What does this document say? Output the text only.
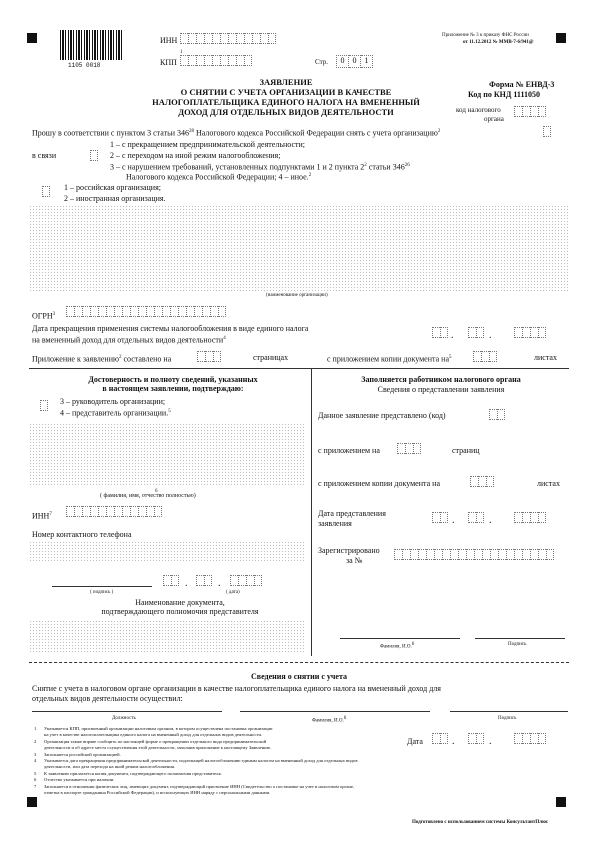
1105 0018
ИНН
1
КПП	Стр.	0	0	1
Приложение № 3 к приказу ФНС России
от 11.12.2012 № ММВ-7-6/941@
Форма № ЕНВД-3
Код по КНД 1111050
код налогового
органа
ЗАЯВЛЕНИЕ
О СНЯТИИ С УЧЕТА ОРГАНИЗАЦИИ В КАЧЕСТВЕ
НАЛОГОПЛАТЕЛЬЩИКА ЕДИНОГО НАЛОГА НА ВМЕНЕННЫЙ
ДОХОД ДЛЯ ОТДЕЛЬНЫХ ВИДОВ ДЕЯТЕЛЬНОСТИ
Прошу в соответствии с пунктом 3 статьи $346^{28}$ Налогового кодекса Российской Федерации снять с учета организацию$^2$
в связи
1 – с прекращением предпринимательской деятельности;
2 – с переходом на иной режим налогообложения;
3 – с нарушением требований, установленных подпунктами 1 и 2 пункта $2^2$ статьи $346^{26}$
Налогового кодекса Российской Федерации; 4 – иное.$^2$
1 – российская организация;
2 – иностранная организация.
(наименование организации)
ОГРН$^3$
Дата прекращения применения системы налогообложения в виде единого налога
на вмененный доход для отдельных видов деятельности$^4$	.	.
Приложение к заявлению$^2$ составлено на	страницах	с приложением копии документа $на^5$	листах
Достоверность и полноту сведений, указанных
в настоящем заявлении, подтверждаю:
3 – руководитель организации;
4 – представитель организации.$^5$
6
( фамилия, имя, отчество полностью)
ИНН$^7$
Номер контактного телефона
( подпись )
.	.
( дата)
Наименование документа,
подтверждающего полномочия представителя
Заполняется работником налогового органа
Сведения о представлении заявления
Данное заявление представлено (код)
с приложением на	страниц
с приложением копии документа на	листах
Дата представления
заявления	.	.
Зарегистрировано
за №
Фамилия, И.О.6	Подпись
Сведения о снятии с учета
Снятие с учета в налоговом органе организации в качестве налогоплательщика единого налога на вмененный доход для
отдельных видов деятельности осуществил:
Должность
Фамилия, И.О.6	Подпись
Дата	.	.
1	Указывается КПП, присвоенный организации налоговым органом, в котором осуществлена постановка организации
на учет в качестве налогоплательщика единого налога на вмененный доход для отдельных видов деятельности.
2	Организация также вправе сообщить по настоящей форме о прекращении отдельного вида предпринимательской
деятельности и об адресе места осуществления этой деятельности, заполнив приложение к настоящему Заявлению.
3	Заполняется российской организацией.
4	Указывается дата прекращения предпринимательской деятельности, подлежащей налогообложению единым налогом на вмененный доход для отдельных видов
деятельности, или дата перехода на иной режим налогообложения.
5	К заявлению прилагается копия документа, подтверждающего полномочия представителя.
6	Отчество указывается при наличии.
7	Заполняется в отношении физических лиц, имеющих документ, подтверждающий присвоение ИНН (Свидетельство о постановке на учет в налоговом органе,
отметка в паспорте гражданина Российской Федерации), и использующих ИНН наряду с персональными данными.
Подготовлено с использованием системы КонсультантПлюс
